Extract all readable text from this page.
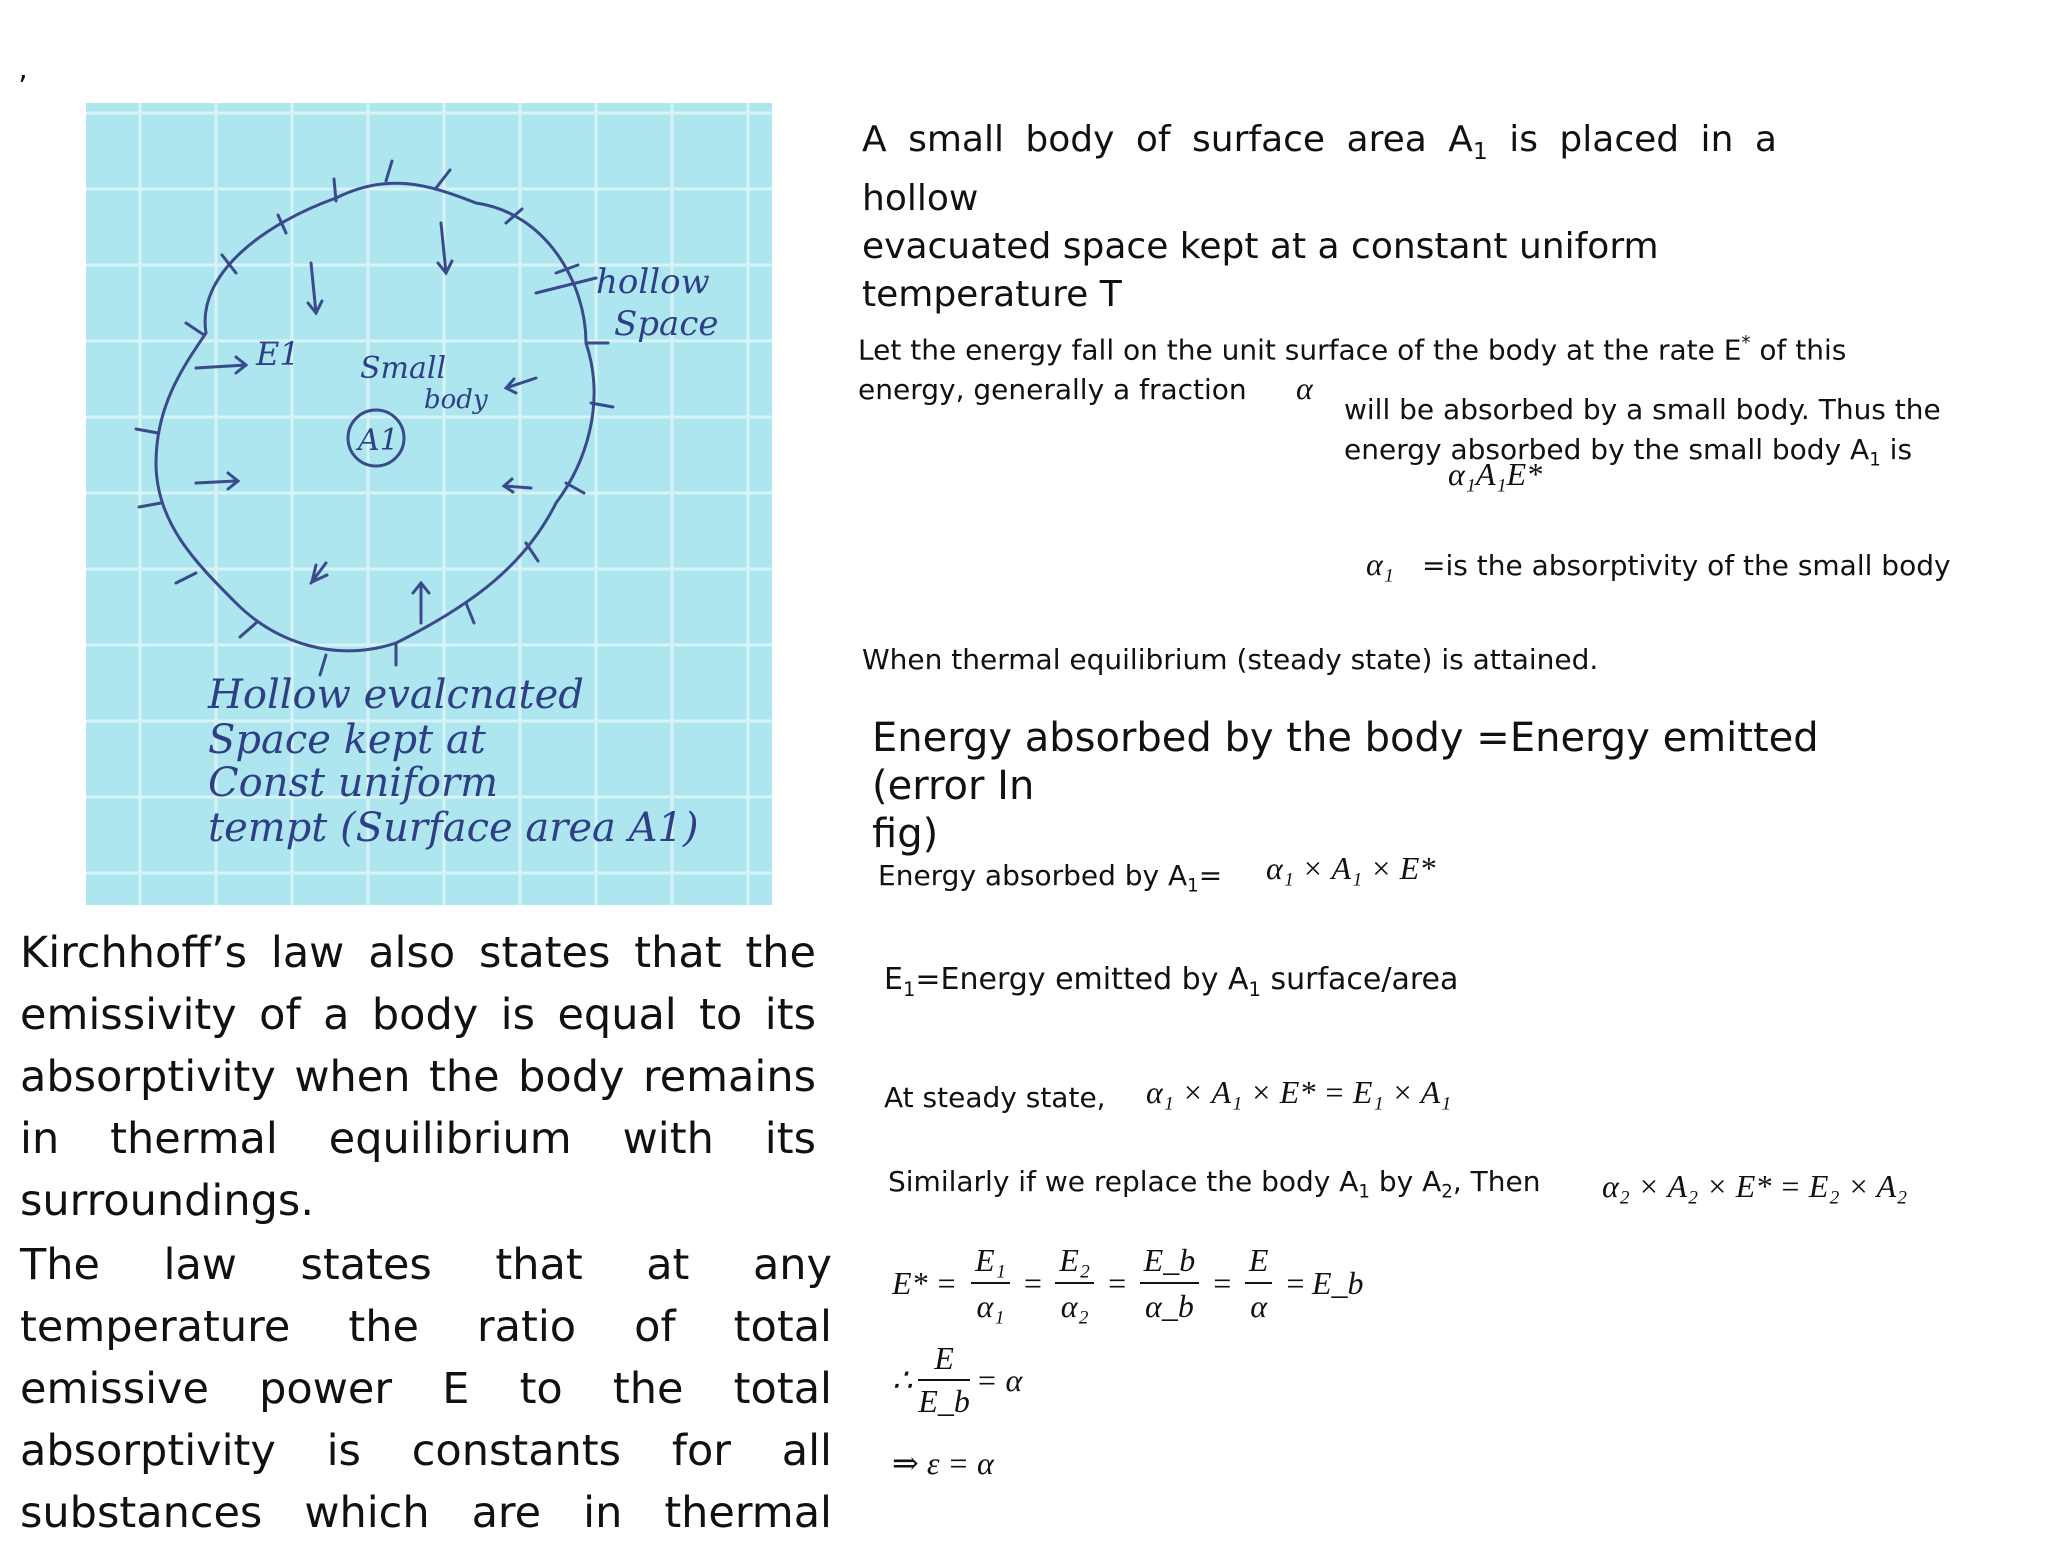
’
hollow
Space
E1 Small
body
A1
Hollow evalcnated
Space kept at
Const uniform
tempt (Surface area A1)
A small body of surface area $A_1$ is placed in a hollow
evacuated space kept at a constant uniform temperature T
Let the energy fall on the unit surface of the body at the rate E* of this
energy, generally a fraction	α
will be absorbed by a small body. Thus the
energy absorbed by the small body $A_1$ is
α₁A₁E*
α₁ =is the absorptivity of the small body
When thermal equilibrium (steady state) is attained.
Energy absorbed by the body =Energy emitted (error In
fig)
Energy absorbed by $A_1= \alpha_1 \times A_1 \times E*$
$E_1=Energy$ emitted by $A_1$ surface/area
At steady state, α₁ × A₁ × E* = E₁ × A₁
Similarly if we replace the body $A_1$ by $A_2$, Then α₂ × A₂ × E* = E₂ × A₂
$E* = \frac{\text{E₁}}{\text{α₁}} = \frac{\text{E₂}}{\text{α₂}} = \frac{E\_b}{\alpha\_b} = \frac{E}{\alpha}$ = E_b
∴ $\frac{E}{E\_b} = \alpha$
⇒ ε = α
Kirchhoff’s law also states that the
emissivity of a body is equal to its
absorptivity when the body remains
in thermal equilibrium with its
surroundings.
The law states that at any
temperature the ratio of total
emissive power E to the total
absorptivity is constants for all
substances which are in thermal
